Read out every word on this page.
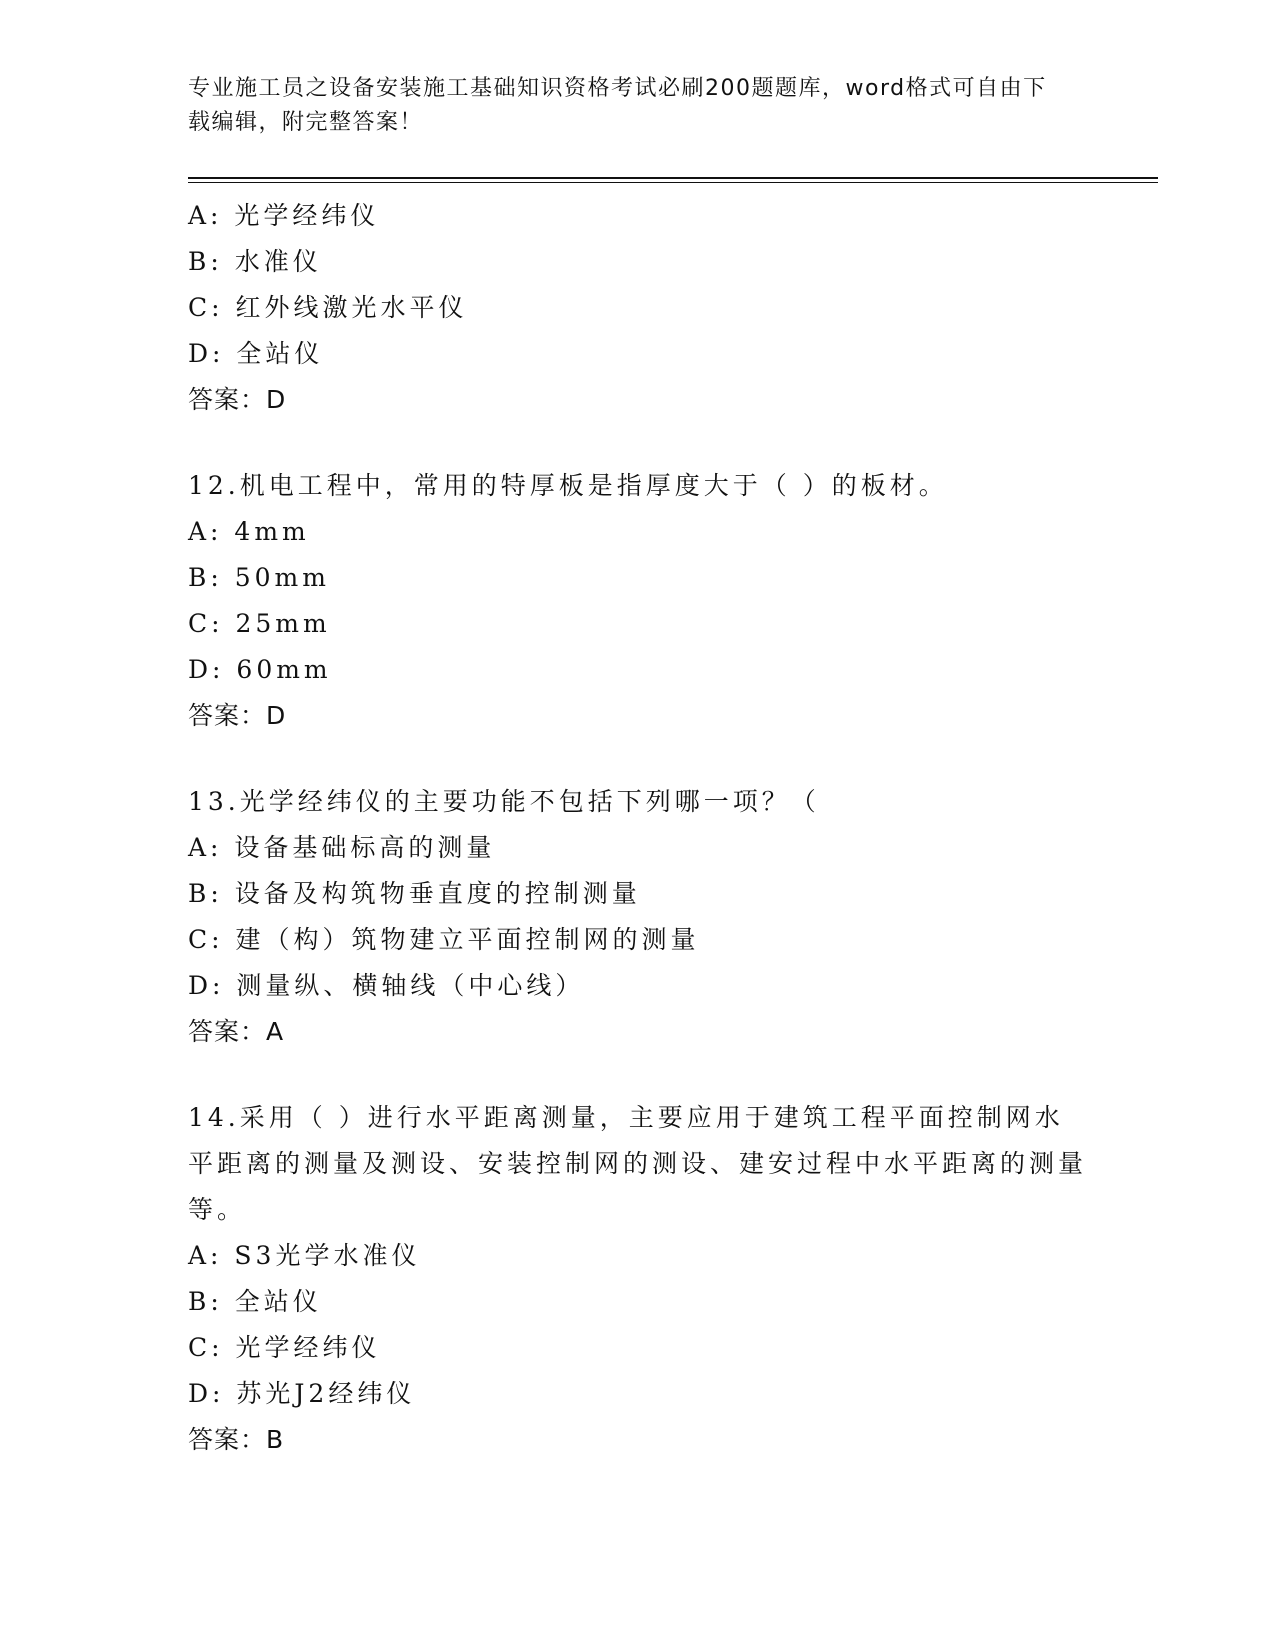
专业施工员之设备安装施工基础知识资格考试必刷200题题库，word格式可自由下载编辑，附完整答案！

A: 光学经纬仪

B: 水准仪

C: 红外线激光水平仪

D: 全站仪

答案：D

12.机电工程中，常用的特厚板是指厚度大于（ ）的板材。

A: 4mm

B: 50mm

C: 25mm

D: 60mm

答案：D

13.光学经纬仪的主要功能不包括下列哪一项？（

A: 设备基础标高的测量

B: 设备及构筑物垂直度的控制测量

C: 建（构）筑物建立平面控制网的测量

D: 测量纵、横轴线（中心线）

答案：A

14.采用（ ）进行水平距离测量，主要应用于建筑工程平面控制网水平距离的测量及测设、安装控制网的测设、建安过程中水平距离的测量等。

A: S3光学水准仪

B: 全站仪

C: 光学经纬仪

D: 苏光J2经纬仪

答案：B
